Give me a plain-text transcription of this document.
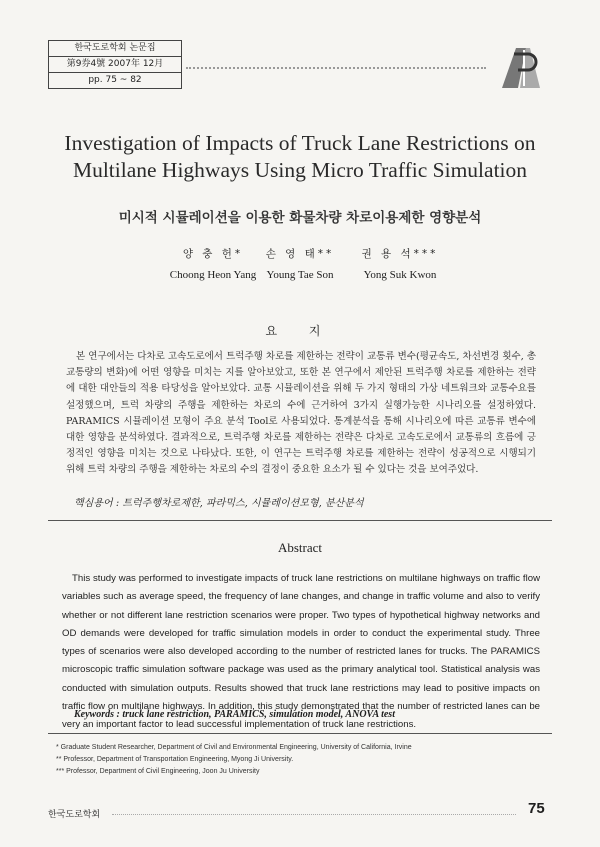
한국도로학회 논문집
第9券4號 2007年 12月
pp. 75 ~ 82
Investigation of Impacts of Truck Lane Restrictions on
Multilane Highways Using Micro Traffic Simulation
미시적 시뮬레이션을 이용한 화물차량 차로이용제한 영향분석
양 충 헌*
Choong Heon Yang
손 영 태**
Young Tae Son
권 용 석***
Yong Suk Kwon
요 지
본 연구에서는 다차로 고속도로에서 트럭주행 차로를 제한하는 전략이 교통류 변수(평균속도, 차선변경 횟수, 총교통량의 변화)에 어떤 영향을 미치는 지를 알아보았고, 또한 본 연구에서 제안된 트럭주행 차로를 제한하는 전략에 대한 대안들의 적용 타당성을 알아보았다. 교통 시뮬레이션을 위해 두 가지 형태의 가상 네트워크와 교통수요를 설정했으며, 트럭 차량의 주행을 제한하는 차로의 수에 근거하여 3가지 실행가능한 시나리오를 설정하였다. PARAMICS 시뮬레이션 모형이 주요 분석 Tool로 사용되었다. 통계분석을 통해 시나리오에 따른 교통류 변수에 대한 영향을 분석하였다. 결과적으로, 트럭주행 차로를 제한하는 전략은 다차로 고속도로에서 교통류의 흐름에 긍정적인 영향을 미치는 것으로 나타났다. 또한, 이 연구는 트럭주행 차로를 제한하는 전략이 성공적으로 시행되기 위해 트럭 차량의 주행을 제한하는 차로의 수의 결정이 중요한 요소가 될 수 있다는 것을 보여주었다.
핵심용어 : 트럭주행차로제한, 파라믹스, 시뮬레이션모형, 분산분석
Abstract
This study was performed to investigate impacts of truck lane restrictions on multilane highways on traffic flow variables such as average speed, the frequency of lane changes, and change in traffic volume and also to verify whether or not different lane restriction scenarios were proper. Two types of hypothetical highway networks and OD demands were developed for traffic simulation models in order to conduct the experimental study. Three types of scenarios were also developed according to the number of restricted lanes for trucks. The PARAMICS microscopic traffic simulation software package was used as the primary analytical tool. Statistical analysis was conducted with simulation outputs. Results showed that truck lane restrictions may lead to positive impacts on traffic flow on multilane highways. In addition, this study demonstrated that the number of restricted lanes can be very an important factor to lead successful implementation of truck lane restrictions.
Keywords : truck lane restriction, PARAMICS, simulation model, ANOVA test
* Graduate Student Researcher, Department of Civil and Environmental Engineering, University of California, Irvine
** Professor, Department of Transportation Engineering, Myong Ji University.
*** Professor, Department of Civil Engineering, Joon Ju University
한국도로학회	75
